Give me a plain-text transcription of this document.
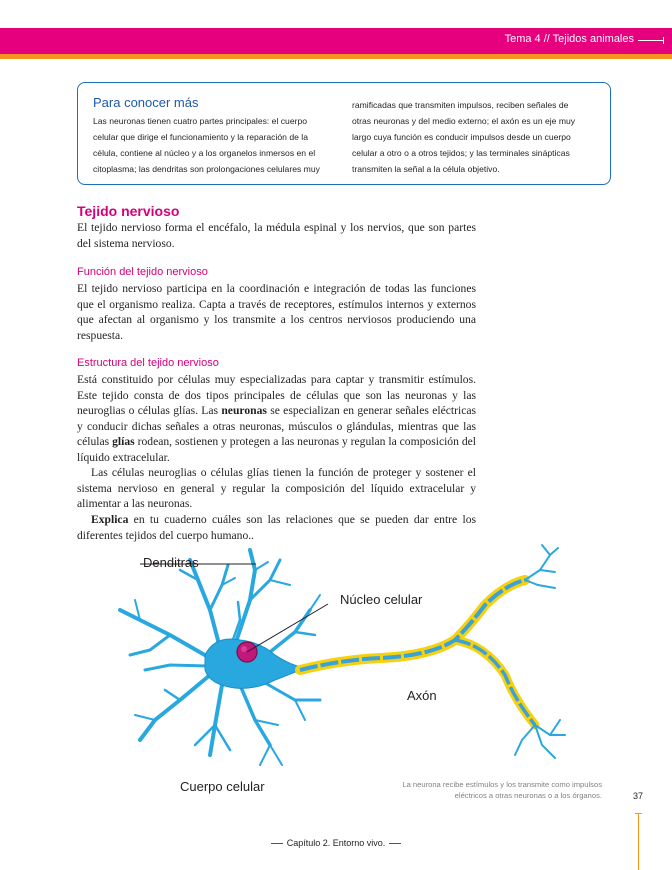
Tema 4 // Tejidos animales
Para conocer más
Las neuronas tienen cuatro partes principales: el cuerpo
celular que dirige el funcionamiento y la reparación de la
célula, contiene al núcleo y a los organelos inmersos en el
citoplasma; las dendritas son prolongaciones celulares muy
ramificadas que transmiten impulsos, reciben señales de
otras neuronas y del medio externo; el axón es un eje muy
largo cuya función es conducir impulsos desde un cuerpo
celular a otro o a otros tejidos; y las terminales sinápticas
transmiten la señal a la célula objetivo.
Tejido nervioso

El tejido nervioso forma el encéfalo, la médula espinal y los nervios, que son partes del sistema nervioso.

Función del tejido nervioso

El tejido nervioso participa en la coordinación e integración de todas las funciones que el organismo realiza. Capta a través de receptores, estímulos internos y externos que afectan al organismo y los transmite a los centros nerviosos produciendo una respuesta.

Estructura del tejido nervioso

Está constituido por células muy especializadas para captar y transmitir estímulos. Este tejido consta de dos tipos principales de células que son las neuronas y las neuroglias o células glías. Las neuronas se especializan en generar señales eléctricas y conducir dichas señales a otras neuronas, músculos o glándulas, mientras que las células glías rodean, sostienen y protegen a las neuronas y regulan la composición del líquido extracelular.

Las células neuroglias o células glías tienen la función de proteger y sostener el sistema nervioso en general y regular la composición del líquido extracelular y alimentar a las neuronas.

Explica en tu cuaderno cuáles son las relaciones que se pueden dar entre los diferentes tejidos del cuerpo humano..

Denditras
Núcleo celular
Axón
Cuerpo celular	La neurona recibe estímulos y los transmite como impulsos
eléctricos a otras neuronas o a los órganos.	37
Capítulo 2. Entorno vivo.
